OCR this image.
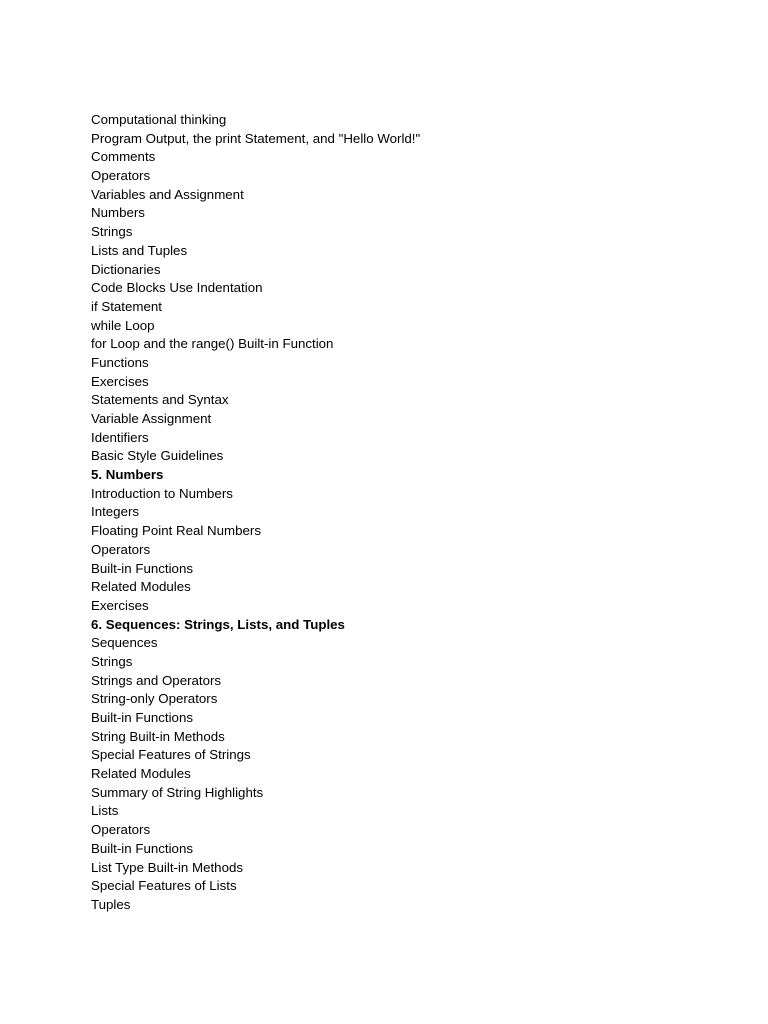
Computational thinking
Program Output, the print Statement, and "Hello World!"
Comments
Operators
Variables and Assignment
Numbers
Strings
Lists and Tuples
Dictionaries
Code Blocks Use Indentation
if Statement
while Loop
for Loop and the range() Built-in Function
Functions
Exercises
Statements and Syntax
Variable Assignment
Identifiers
Basic Style Guidelines
5. Numbers
Introduction to Numbers
Integers
Floating Point Real Numbers
Operators
Built-in Functions
Related Modules
Exercises
6. Sequences: Strings, Lists, and Tuples
Sequences
Strings
Strings and Operators
String-only Operators
Built-in Functions
String Built-in Methods
Special Features of Strings
Related Modules
Summary of String Highlights
Lists
Operators
Built-in Functions
List Type Built-in Methods
Special Features of Lists
Tuples
